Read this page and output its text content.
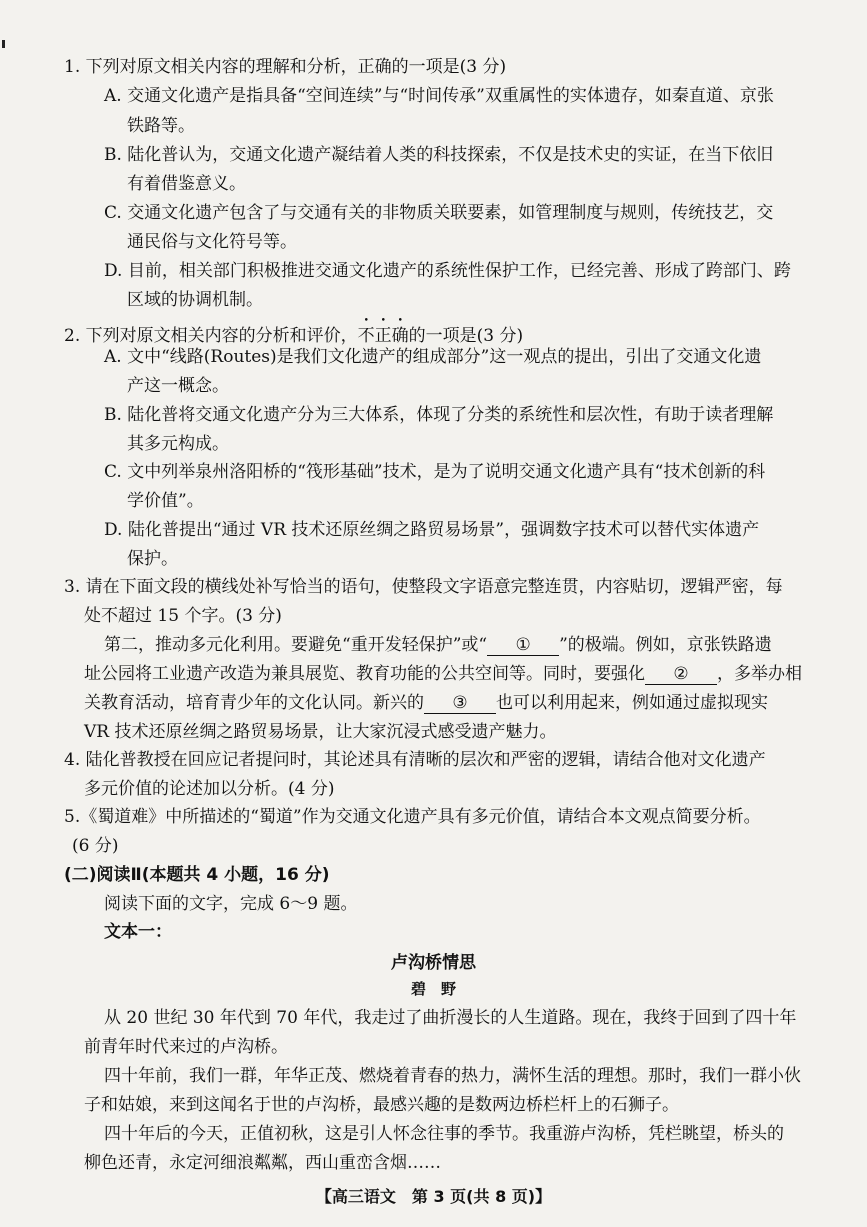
1. 下列对原文相关内容的理解和分析，正确的一项是(3 分)
A. 交通文化遗产是指具备“空间连续”与“时间传承”双重属性的实体遗存，如秦直道、京张
铁路等。
B. 陆化普认为，交通文化遗产凝结着人类的科技探索，不仅是技术史的实证，在当下依旧
有着借鉴意义。
C. 交通文化遗产包含了与交通有关的非物质关联要素，如管理制度与规则，传统技艺，交
通民俗与文化符号等。
D. 目前，相关部门积极推进交通文化遗产的系统性保护工作，已经完善、形成了跨部门、跨
区域的协调机制。
2. 下列对原文相关内容的分析和评价，不正确的一项是(3 分)
A. 文中“线路(Routes)是我们文化遗产的组成部分”这一观点的提出，引出了交通文化遗
产这一概念。
B. 陆化普将交通文化遗产分为三大体系，体现了分类的系统性和层次性，有助于读者理解
其多元构成。
C. 文中列举泉州洛阳桥的“筏形基础”技术，是为了说明交通文化遗产具有“技术创新的科
学价值”。
D. 陆化普提出“通过 VR 技术还原丝绸之路贸易场景”，强调数字技术可以替代实体遗产
保护。
3. 请在下面文段的横线处补写恰当的语句，使整段文字语意完整连贯，内容贴切，逻辑严密，每
处不超过 15 个字。(3 分)
第二，推动多元化利用。要避免“重开发轻保护”或“ ① ”的极端。例如，京张铁路遗
址公园将工业遗产改造为兼具展览、教育功能的公共空间等。同时，要强化 ② ，多举办相
关教育活动，培育青少年的文化认同。新兴的 ③ 也可以利用起来，例如通过虚拟现实
VR 技术还原丝绸之路贸易场景，让大家沉浸式感受遗产魅力。
4. 陆化普教授在回应记者提问时，其论述具有清晰的层次和严密的逻辑，请结合他对文化遗产
多元价值的论述加以分析。(4 分)
5.《蜀道难》中所描述的“蜀道”作为交通文化遗产具有多元价值，请结合本文观点简要分析。
(6 分)
(二)阅读Ⅱ(本题共 4 小题，16 分)
阅读下面的文字，完成 6～9 题。
文本一：
卢沟桥情思
碧　野
从 20 世纪 30 年代到 70 年代，我走过了曲折漫长的人生道路。现在，我终于回到了四十年
前青年时代来过的卢沟桥。
四十年前，我们一群，年华正茂、燃烧着青春的热力，满怀生活的理想。那时，我们一群小伙
子和姑娘，来到这闻名于世的卢沟桥，最感兴趣的是数两边桥栏杆上的石狮子。
四十年后的今天，正值初秋，这是引人怀念往事的季节。我重游卢沟桥，凭栏眺望，桥头的
柳色还青，永定河细浪粼粼，西山重峦含烟……
【高三语文　第 3 页(共 8 页)】
